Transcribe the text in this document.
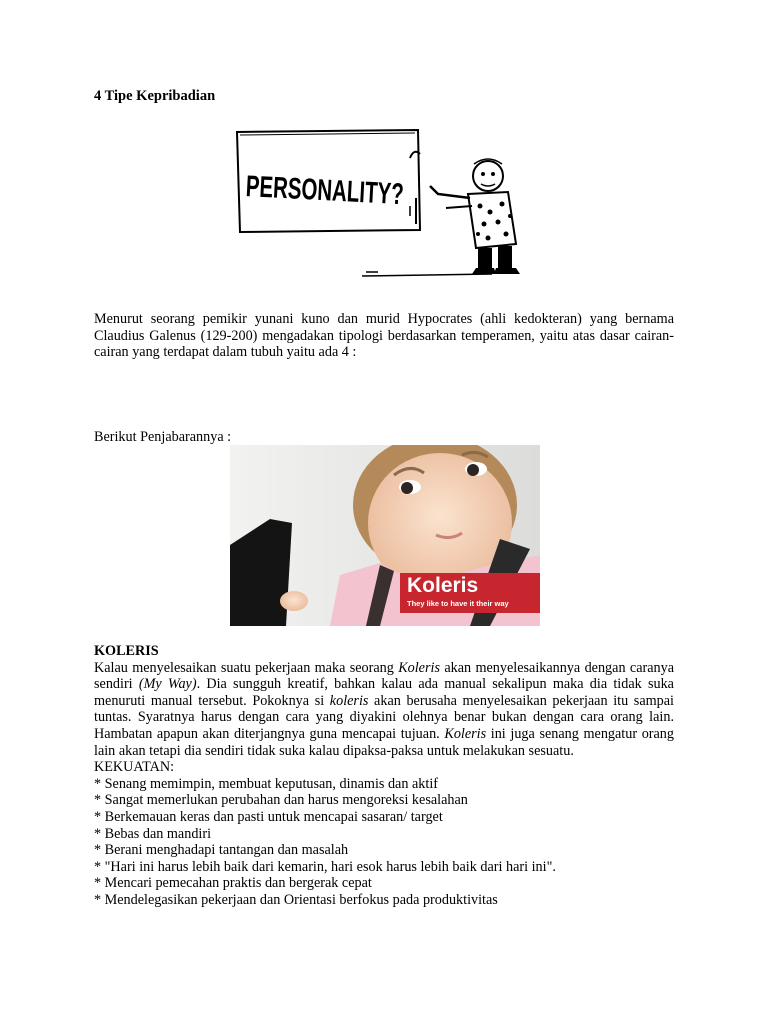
4 Tipe Kepribadian
PERSONALITY?

Menurut seorang pemikir yunani kuno dan murid Hypocrates (ahli kedokteran) yang bernama Claudius Galenus (129-200) mengadakan tipologi berdasarkan temperamen, yaitu atas dasar cairan-cairan yang terdapat dalam tubuh yaitu ada 4 :

Berikut Penjabarannya :

Koleris
They like to have it their way

KOLERIS

Kalau menyelesaikan suatu pekerjaan maka seorang Koleris akan menyelesaikannya dengan caranya sendiri (My Way). Dia sungguh kreatif, bahkan kalau ada manual sekalipun maka dia tidak suka menuruti manual tersebut. Pokoknya si koleris akan berusaha menyelesaikan pekerjaan itu sampai tuntas. Syaratnya harus dengan cara yang diyakini olehnya benar bukan dengan cara orang lain. Hambatan apapun akan diterjangnya guna mencapai tujuan. Koleris ini juga senang mengatur orang lain akan tetapi dia sendiri tidak suka kalau dipaksa-paksa untuk melakukan sesuatu.

KEKUATAN:

* Senang memimpin, membuat keputusan, dinamis dan aktif
* Sangat memerlukan perubahan dan harus mengoreksi kesalahan
* Berkemauan keras dan pasti untuk mencapai sasaran/ target
* Bebas dan mandiri
* Berani menghadapi tantangan dan masalah
* "Hari ini harus lebih baik dari kemarin, hari esok harus lebih baik dari hari ini".
* Mencari pemecahan praktis dan bergerak cepat
* Mendelegasikan pekerjaan dan Orientasi berfokus pada produktivitas
